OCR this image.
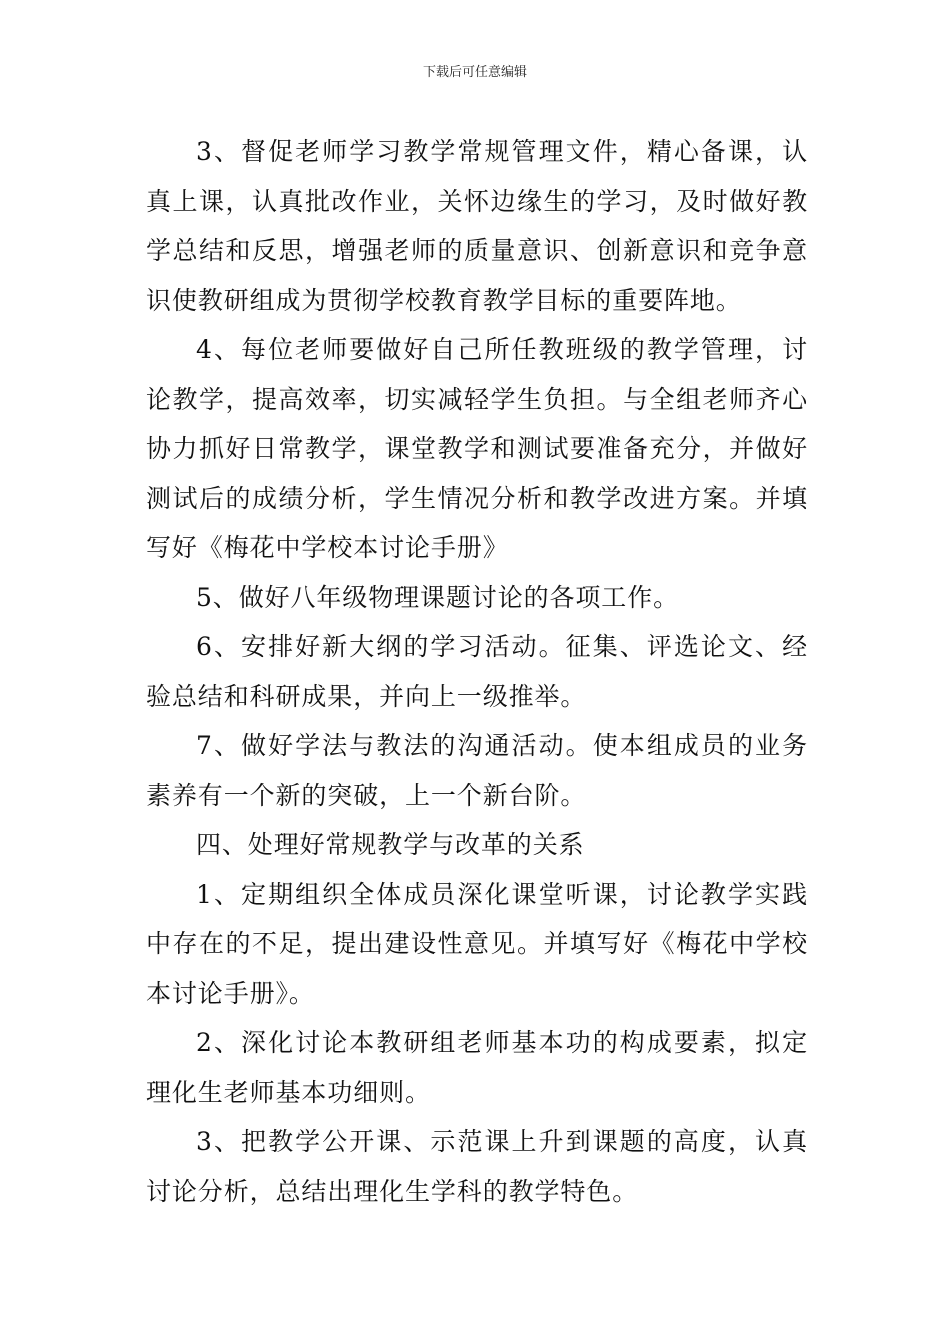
下载后可任意编辑

3、督促老师学习教学常规管理文件，精心备课，认真上课，认真批改作业，关怀边缘生的学习，及时做好教学总结和反思，增强老师的质量意识、创新意识和竞争意识使教研组成为贯彻学校教育教学目标的重要阵地。

4、每位老师要做好自己所任教班级的教学管理，讨论教学，提高效率，切实减轻学生负担。与全组老师齐心协力抓好日常教学，课堂教学和测试要准备充分，并做好测试后的成绩分析，学生情况分析和教学改进方案。并填写好《梅花中学校本讨论手册》

5、做好八年级物理课题讨论的各项工作。

6、安排好新大纲的学习活动。征集、评选论文、经验总结和科研成果，并向上一级推举。

7、做好学法与教法的沟通活动。使本组成员的业务素养有一个新的突破，上一个新台阶。

四、处理好常规教学与改革的关系

1、定期组织全体成员深化课堂听课，讨论教学实践中存在的不足，提出建设性意见。并填写好《梅花中学校本讨论手册》。

2、深化讨论本教研组老师基本功的构成要素，拟定理化生老师基本功细则。

3、把教学公开课、示范课上升到课题的高度，认真讨论分析，总结出理化生学科的教学特色。
